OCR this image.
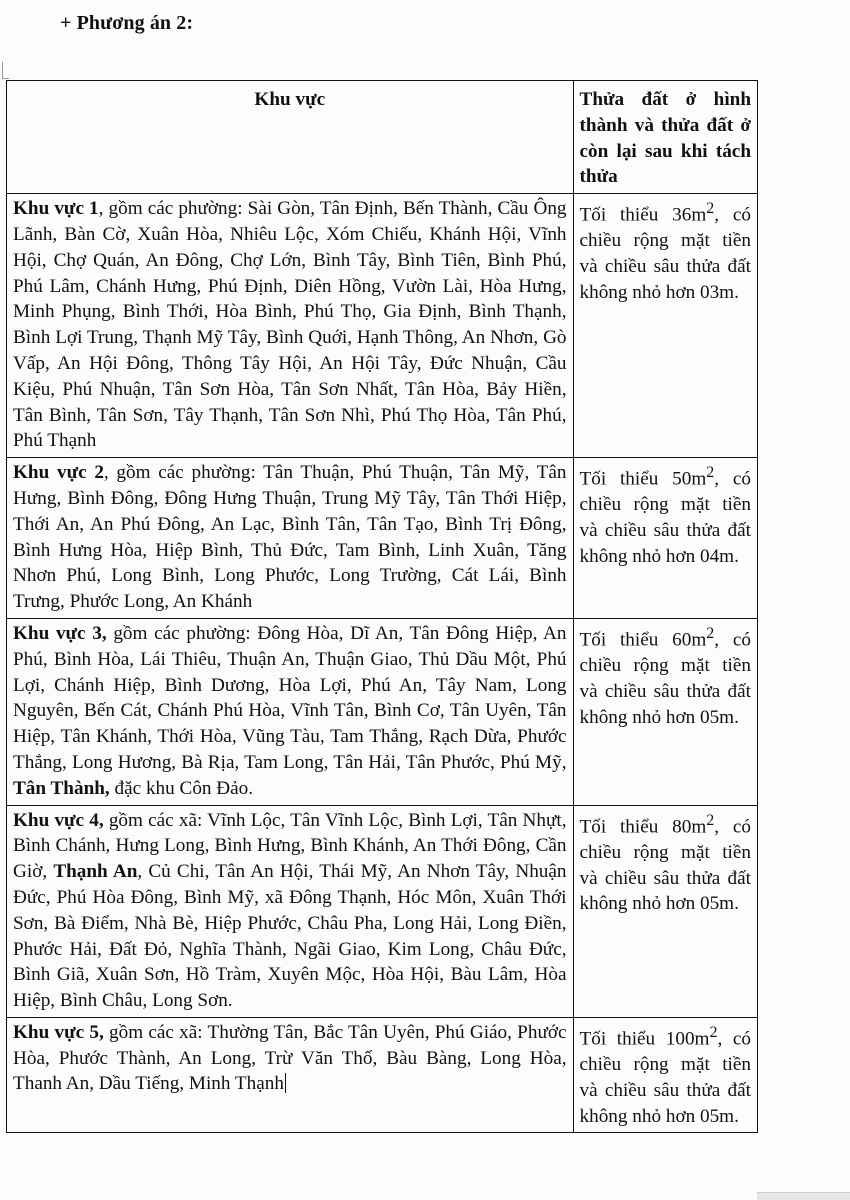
+ Phương án 2:
Khu vực	Thửa đất ở hình thành và thửa đất ở còn lại sau khi tách thửa
Khu vực 1, gồm các phường: Sài Gòn, Tân Định, Bến Thành, Cầu Ông Lãnh, Bàn Cờ, Xuân Hòa, Nhiêu Lộc, Xóm Chiếu, Khánh Hội, Vĩnh Hội, Chợ Quán, An Đông, Chợ Lớn, Bình Tây, Bình Tiên, Bình Phú, Phú Lâm, Chánh Hưng, Phú Định, Diên Hồng, Vườn Lài, Hòa Hưng, Minh Phụng, Bình Thới, Hòa Bình, Phú Thọ, Gia Định, Bình Thạnh, Bình Lợi Trung, Thạnh Mỹ Tây, Bình Quới, Hạnh Thông, An Nhơn, Gò Vấp, An Hội Đông, Thông Tây Hội, An Hội Tây, Đức Nhuận, Cầu Kiệu, Phú Nhuận, Tân Sơn Hòa, Tân Sơn Nhất, Tân Hòa, Bảy Hiền, Tân Bình, Tân Sơn, Tây Thạnh, Tân Sơn Nhì, Phú Thọ Hòa, Tân Phú, Phú Thạnh	Tối thiểu $36m^2$, có chiều rộng mặt tiền và chiều sâu thửa đất không nhỏ hơn 03m.
Khu vực 2, gồm các phường: Tân Thuận, Phú Thuận, Tân Mỹ, Tân Hưng, Bình Đông, Đông Hưng Thuận, Trung Mỹ Tây, Tân Thới Hiệp, Thới An, An Phú Đông, An Lạc, Bình Tân, Tân Tạo, Bình Trị Đông, Bình Hưng Hòa, Hiệp Bình, Thủ Đức, Tam Bình, Linh Xuân, Tăng Nhơn Phú, Long Bình, Long Phước, Long Trường, Cát Lái, Bình Trưng, Phước Long, An Khánh	Tối thiểu $50m^2$, có chiều rộng mặt tiền và chiều sâu thửa đất không nhỏ hơn 04m.
Khu vực 3, gồm các phường: Đông Hòa, Dĩ An, Tân Đông Hiệp, An Phú, Bình Hòa, Lái Thiêu, Thuận An, Thuận Giao, Thủ Dầu Một, Phú Lợi, Chánh Hiệp, Bình Dương, Hòa Lợi, Phú An, Tây Nam, Long Nguyên, Bến Cát, Chánh Phú Hòa, Vĩnh Tân, Bình Cơ, Tân Uyên, Tân Hiệp, Tân Khánh, Thới Hòa, Vũng Tàu, Tam Thắng, Rạch Dừa, Phước Thắng, Long Hương, Bà Rịa, Tam Long, Tân Hải, Tân Phước, Phú Mỹ, Tân Thành, đặc khu Côn Đảo.	Tối thiểu $60m^2$, có chiều rộng mặt tiền và chiều sâu thửa đất không nhỏ hơn 05m.
Khu vực 4, gồm các xã: Vĩnh Lộc, Tân Vĩnh Lộc, Bình Lợi, Tân Nhựt, Bình Chánh, Hưng Long, Bình Hưng, Bình Khánh, An Thới Đông, Cần Giờ, Thạnh An, Củ Chi, Tân An Hội, Thái Mỹ, An Nhơn Tây, Nhuận Đức, Phú Hòa Đông, Bình Mỹ, xã Đông Thạnh, Hóc Môn, Xuân Thới Sơn, Bà Điểm, Nhà Bè, Hiệp Phước, Châu Pha, Long Hải, Long Điền, Phước Hải, Đất Đỏ, Nghĩa Thành, Ngãi Giao, Kim Long, Châu Đức, Bình Giã, Xuân Sơn, Hồ Tràm, Xuyên Mộc, Hòa Hội, Bàu Lâm, Hòa Hiệp, Bình Châu, Long Sơn.	Tối thiểu $80m^2$, có chiều rộng mặt tiền và chiều sâu thửa đất không nhỏ hơn 05m.
Khu vực 5, gồm các xã: Thường Tân, Bắc Tân Uyên, Phú Giáo, Phước Hòa, Phước Thành, An Long, Trừ Văn Thố, Bàu Bàng, Long Hòa, Thanh An, Dầu Tiếng, Minh Thạnh	Tối thiểu $100m^2$, có chiều rộng mặt tiền và chiều sâu thửa đất không nhỏ hơn 05m.
